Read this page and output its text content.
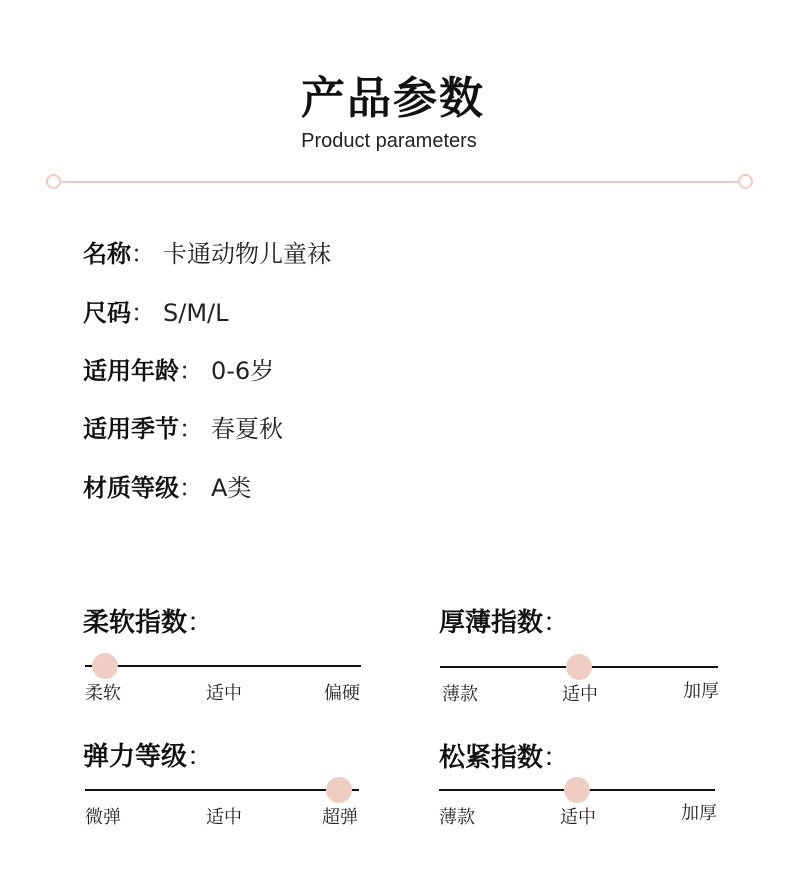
产品参数
Product parameters
名称： 卡通动物儿童袜
尺码： S/M/L
适用年龄： 0-6岁
适用季节： 春夏秋
材质等级： A类
柔软指数：
柔软	适中	偏硬
厚薄指数：
薄款	适中	加厚
弹力等级：
微弹	适中	超弹
松紧指数：
薄款	适中	加厚
